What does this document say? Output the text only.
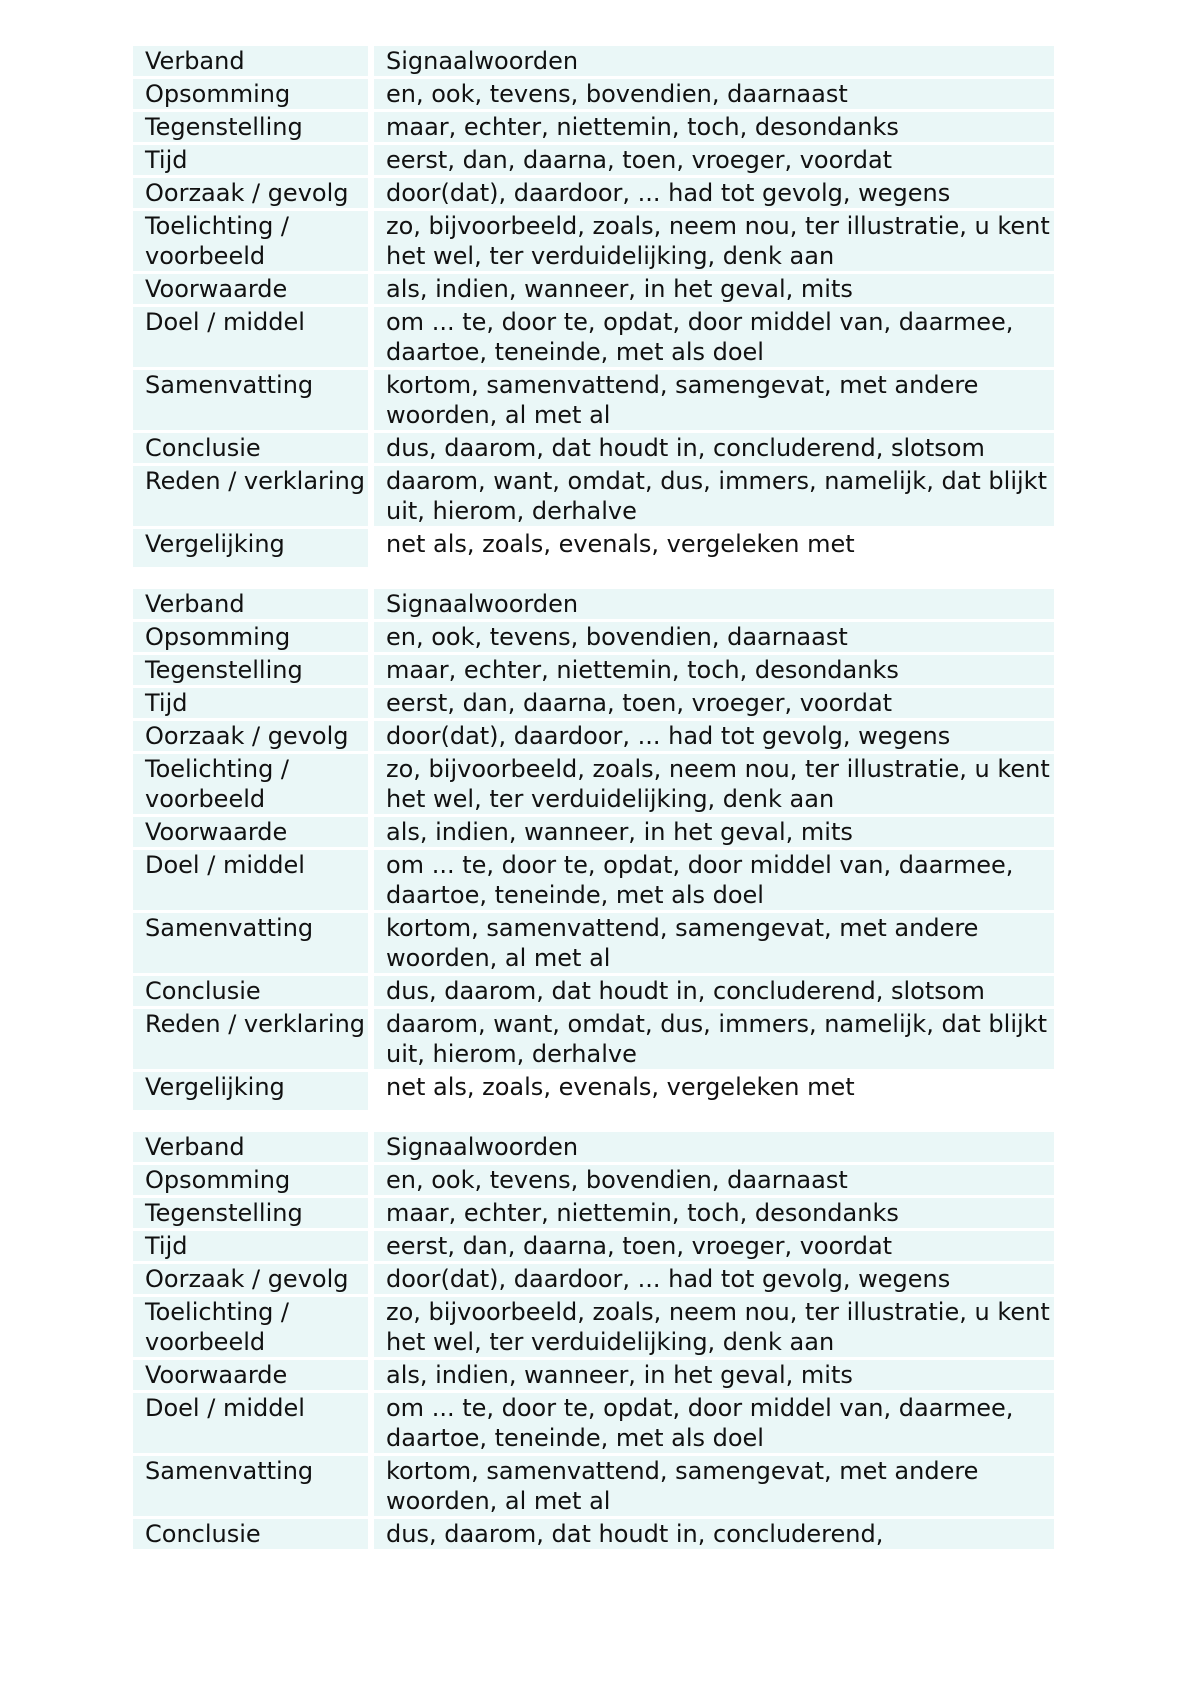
Verband	Signaalwoorden
Opsomming	en, ook, tevens, bovendien, daarnaast
Tegenstelling	maar, echter, niettemin, toch, desondanks
Tijd	eerst, dan, daarna, toen, vroeger, voordat
Oorzaak / gevolg	door(dat), daardoor, ... had tot gevolg, wegens
Toelichting / voorbeeld	zo, bijvoorbeeld, zoals, neem nou, ter illustratie, u kent het wel, ter verduidelijking, denk aan
Voorwaarde	als, indien, wanneer, in het geval, mits
Doel / middel	om ... te, door te, opdat, door middel van, daarmee, daartoe, teneinde, met als doel
Samenvatting	kortom, samenvattend, samengevat, met andere woorden, al met al
Conclusie	dus, daarom, dat houdt in, concluderend, slotsom
Reden / verklaring	daarom, want, omdat, dus, immers, namelijk, dat blijkt uit, hierom, derhalve
Vergelijking	net als, zoals, evenals, vergeleken met
Verband	Signaalwoorden
Opsomming	en, ook, tevens, bovendien, daarnaast
Tegenstelling	maar, echter, niettemin, toch, desondanks
Tijd	eerst, dan, daarna, toen, vroeger, voordat
Oorzaak / gevolg	door(dat), daardoor, ... had tot gevolg, wegens
Toelichting / voorbeeld	zo, bijvoorbeeld, zoals, neem nou, ter illustratie, u kent het wel, ter verduidelijking, denk aan
Voorwaarde	als, indien, wanneer, in het geval, mits
Doel / middel	om ... te, door te, opdat, door middel van, daarmee, daartoe, teneinde, met als doel
Samenvatting	kortom, samenvattend, samengevat, met andere woorden, al met al
Conclusie	dus, daarom, dat houdt in, concluderend, slotsom
Reden / verklaring	daarom, want, omdat, dus, immers, namelijk, dat blijkt uit, hierom, derhalve
Vergelijking	net als, zoals, evenals, vergeleken met
Verband	Signaalwoorden
Opsomming	en, ook, tevens, bovendien, daarnaast
Tegenstelling	maar, echter, niettemin, toch, desondanks
Tijd	eerst, dan, daarna, toen, vroeger, voordat
Oorzaak / gevolg	door(dat), daardoor, ... had tot gevolg, wegens
Toelichting / voorbeeld	zo, bijvoorbeeld, zoals, neem nou, ter illustratie, u kent het wel, ter verduidelijking, denk aan
Voorwaarde	als, indien, wanneer, in het geval, mits
Doel / middel	om ... te, door te, opdat, door middel van, daarmee, daartoe, teneinde, met als doel
Samenvatting	kortom, samenvattend, samengevat, met andere woorden, al met al
Conclusie	dus, daarom, dat houdt in, concluderend,
